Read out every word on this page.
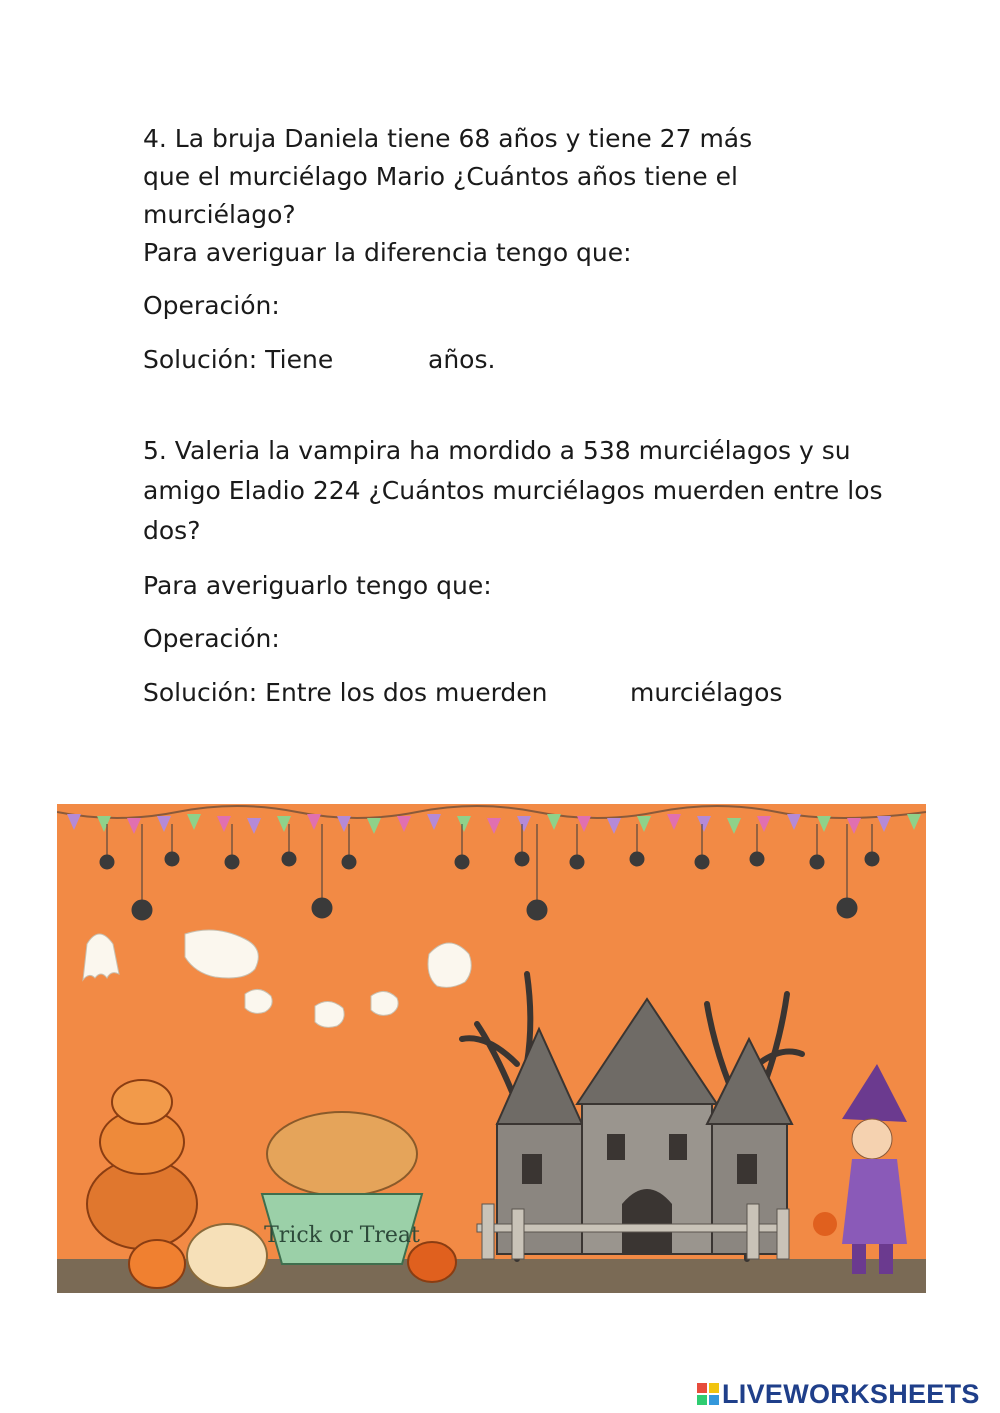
4. La bruja Daniela tiene 68 años y tiene 27 más
que el murciélago Mario ¿Cuántos años tiene el
murciélago?
Para averiguar la diferencia tengo que:
Operación:
Solución: Tiene	años.
5. Valeria la vampira ha mordido a 538 murciélagos y su
amigo Eladio 224 ¿Cuántos murciélagos muerden entre los
dos?
Para averiguarlo tengo que:
Operación:
Solución: Entre los dos muerden	murciélagos
Trick or Treat
LIVEWORKSHEETS
